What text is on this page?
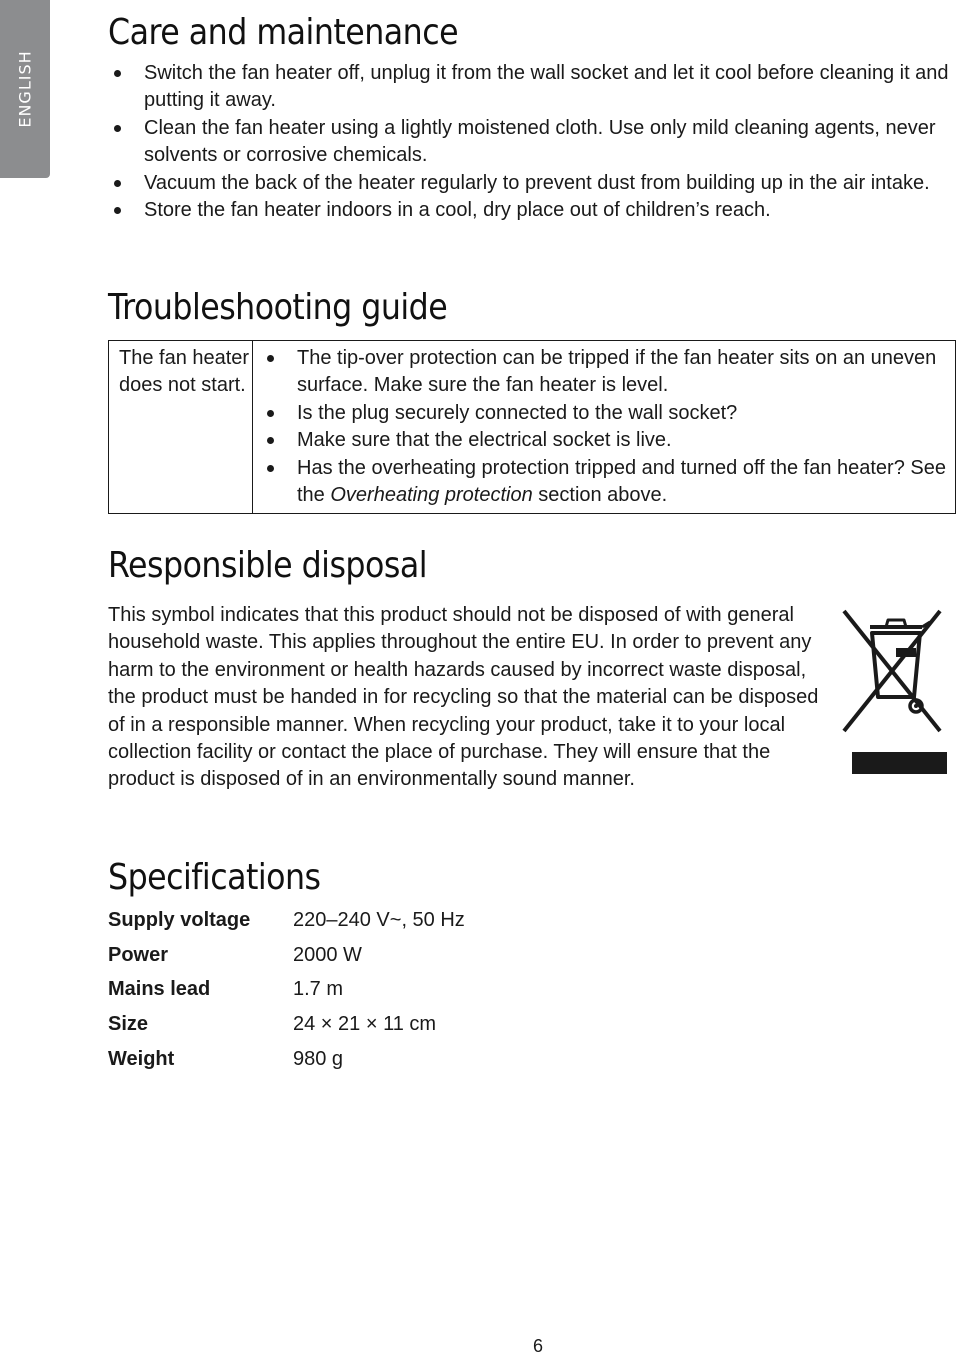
ENGLISH
Care and maintenance
Switch the fan heater off, unplug it from the wall socket and let it cool before cleaning it and putting it away.
Clean the fan heater using a lightly moistened cloth. Use only mild cleaning agents, never solvents or corrosive chemicals.
Vacuum the back of the heater regularly to prevent dust from building up in the air intake.
Store the fan heater indoors in a cool, dry place out of children’s reach.
Troubleshooting guide
The fan heater does not start.
The tip-over protection can be tripped if the fan heater sits on an uneven surface. Make sure the fan heater is level.
Is the plug securely connected to the wall socket?
Make sure that the electrical socket is live.
Has the overheating protection tripped and turned off the fan heater? See the Overheating protection section above.
Responsible disposal

This symbol indicates that this product should not be disposed of with general household waste. This applies throughout the entire EU. In order to prevent any harm to the environment or health hazards caused by incorrect waste disposal, the product must be handed in for recycling so that the material can be disposed of in a responsible manner. When recycling your product, take it to your local collection facility or contact the place of purchase. They will ensure that the product is disposed of in an environmentally sound manner.

Specifications
Supply voltage	220–240 V~, 50 Hz
Power	2000 W
Mains lead	1.7 m
Size	24 × 21 × 11 cm
Weight	980 g
6
